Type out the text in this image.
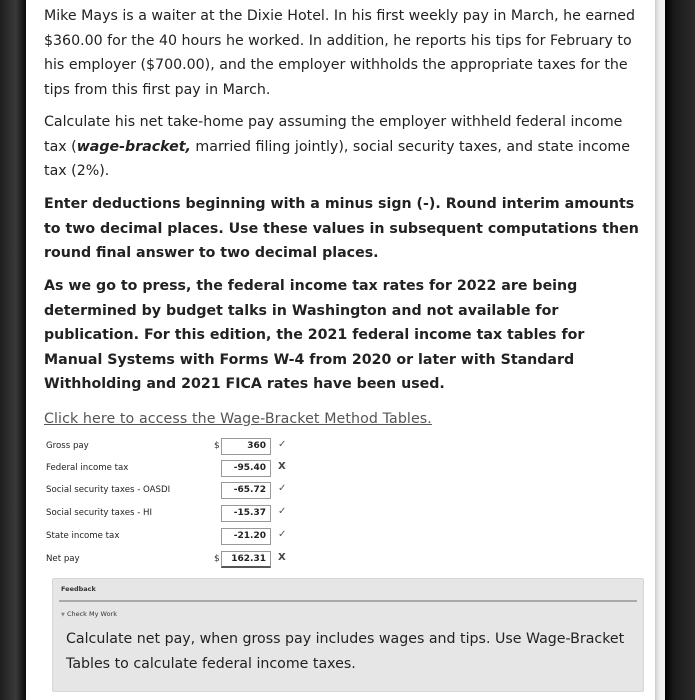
Mike Mays is a waiter at the Dixie Hotel. In his first weekly pay in March, he earned $360.00 for the 40 hours he worked. In addition, he reports his tips for February to his employer ($700.00), and the employer withholds the appropriate taxes for the tips from this first pay in March.

Calculate his net take-home pay assuming the employer withheld federal income tax (wage-bracket, married filing jointly), social security taxes, and state income tax (2%).

Enter deductions beginning with a minus sign (-). Round interim amounts to two decimal places. Use these values in subsequent computations then round final answer to two decimal places.

As we go to press, the federal income tax rates for 2022 are being determined by budget talks in Washington and not available for publication. For this edition, the 2021 federal income tax tables for Manual Systems with Forms W-4 from 2020 or later with Standard Withholding and 2021 FICA rates have been used.

Click here to access the Wage-Bracket Method Tables.
Gross pay	$	360	✓
Federal income tax	-95.40	X
Social security taxes - OASDI	-65.72	✓
Social security taxes - HI	-15.37	✓
State income tax	-21.20	✓
Net pay	$	162.31	X
Feedback
▼ Check My Work
Calculate net pay, when gross pay includes wages and tips. Use Wage-Bracket Tables to calculate federal income taxes.
